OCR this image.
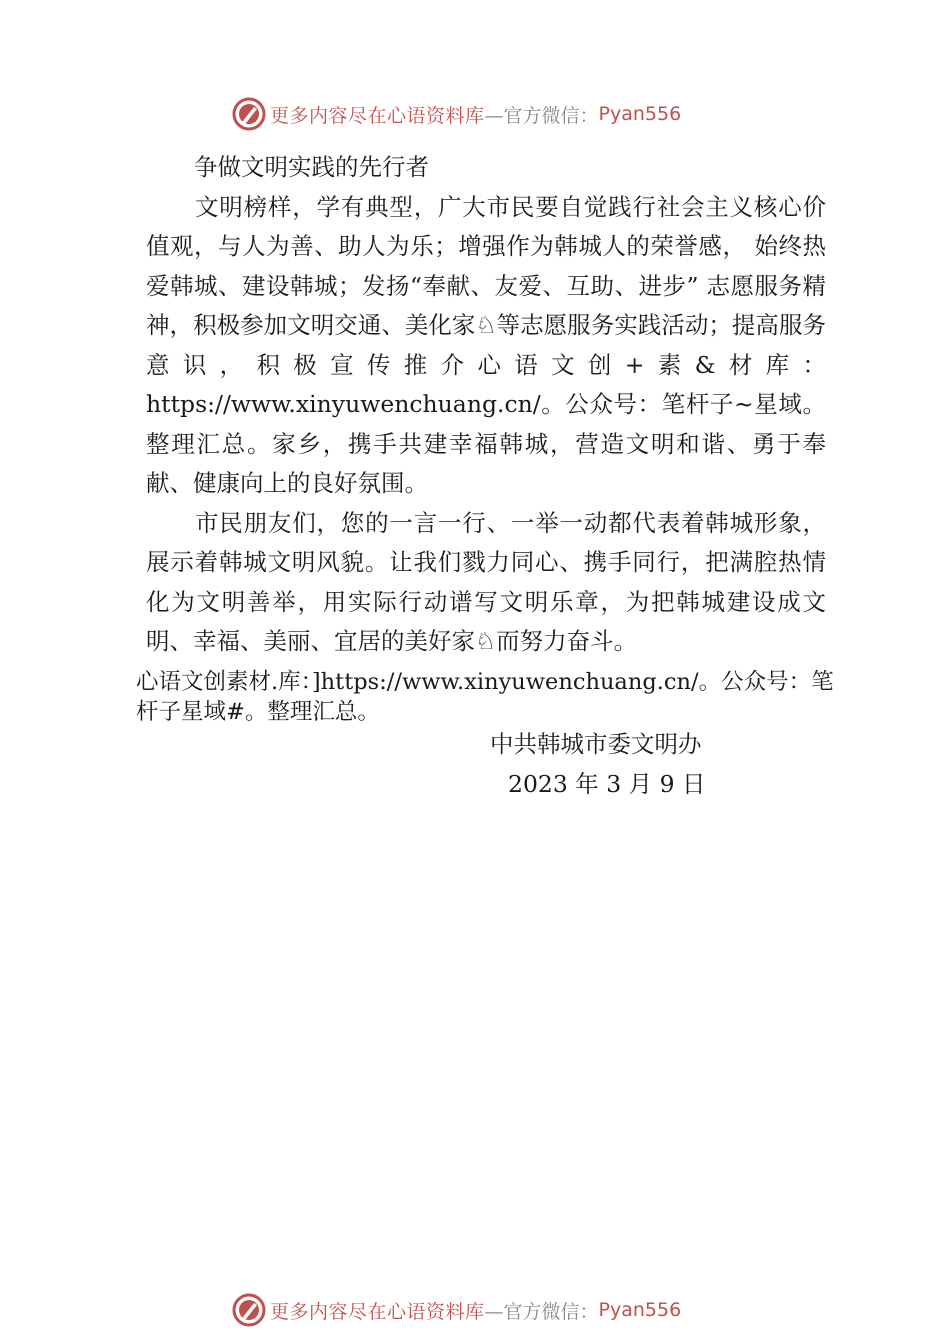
更多内容尽在心语资料库 —官方微信： Pyan556

争做文明实践的先行者

文明榜样，学有典型，广大市民要自觉践行社会主义核心价值观，与人为善、助人为乐；增强作为韩城人的荣誉感， 始终热爱韩城、建设韩城；发扬“奉献、友爱、互助、进步” 志愿服务精神，积极参加文明交通、美化家♘等志愿服务实践活动；提高服务意识，积极宣传推介心语文创+素&材库：https://www.xinyuwenchuang.cn/。公众号：笔杆子~星域。整理汇总。家乡，携手共建幸福韩城，营造文明和谐、勇于奉献、健康向上的良好氛围。

市民朋友们，您的一言一行、一举一动都代表着韩城形象，展示着韩城文明风貌。让我们戮力同心、携手同行，把满腔热情化为文明善举，用实际行动谱写文明乐章，为把韩城建设成文明、幸福、美丽、宜居的美好家♘而努力奋斗。

心语文创素材.库：]https://www.xinyuwenchuang.cn/。公众号：笔杆子星域#。整理汇总。
中共韩城市委文明办
2023 年 3 月 9 日
更多内容尽在心语资料库 —官方微信： Pyan556
